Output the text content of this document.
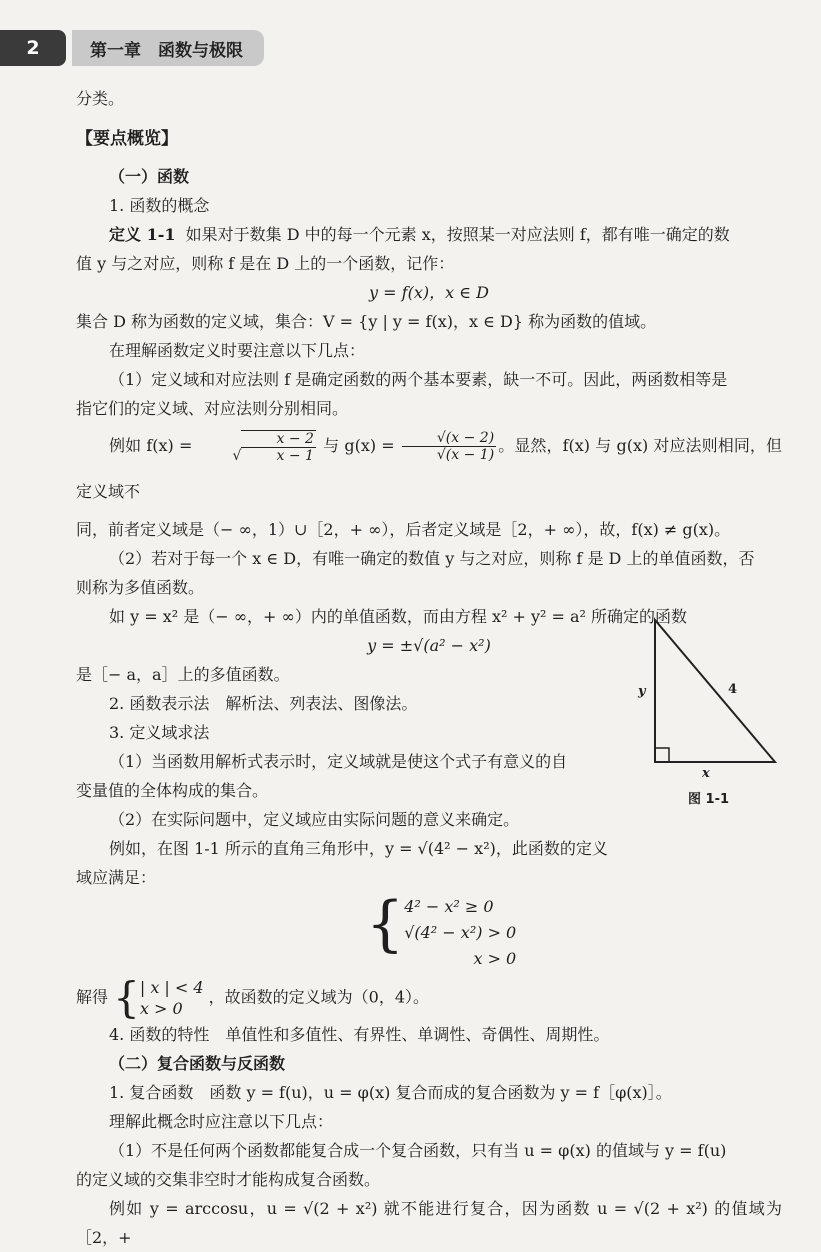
2	第一章　函数与极限

分类。

【要点概览】

（一）函数

1. 函数的概念

定义 1-1 如果对于数集 D 中的每一个元素 x，按照某一对应法则 f，都有唯一确定的数

值 y 与之对应，则称 f 是在 D 上的一个函数，记作：

y = f(x)，x ∈ D

集合 D 称为函数的定义域，集合：V = {y | y = f(x)，x ∈ D} 称为函数的值域。

在理解函数定义时要注意以下几点：

（1）定义域和对应法则 f 是确定函数的两个基本要素，缺一不可。因此，两函数相等是

指它们的定义域、对应法则分别相同。

例如 f(x) = √ $\frac{x - 2}{x - 1}$ 与 $g(x) = \frac{√(x - 2)}{√(x - 1)}$ 。显然，f(x) 与 g(x) 对应法则相同，但定义域不

同，前者定义域是（− ∞，1）∪［2，+ ∞），后者定义域是［2，+ ∞），故，f(x) ≠ g(x)。

（2）若对于每一个 x ∈ D，有唯一确定的数值 y 与之对应，则称 f 是 D 上的单值函数，否

则称为多值函数。

如 y = x² 是（− ∞，+ ∞）内的单值函数，而由方程 x² + y² = a² 所确定的函数

y = ±√(a² − x²)

是［− a，a］上的多值函数。

2. 函数表示法　解析法、列表法、图像法。

3. 定义域求法

（1）当函数用解析式表示时，定义域就是使这个式子有意义的自

变量值的全体构成的集合。

（2）在实际问题中，定义域应由实际问题的意义来确定。

例如，在图 1-1 所示的直角三角形中，y = √(4² − x²)，此函数的定义

域应满足：

{ 4² − x² ≥ 0
√(4² − x²) > 0
x > 0

解得 { | x | < 4
x > 0
，故函数的定义域为（0，4）。

4. 函数的特性　单值性和多值性、有界性、单调性、奇偶性、周期性。

（二）复合函数与反函数

1. 复合函数　函数 y = f(u)，u = φ(x) 复合而成的复合函数为 y = f［φ(x)］。

理解此概念时应注意以下几点：

（1）不是任何两个函数都能复合成一个复合函数，只有当 u = φ(x) 的值域与 y = f(u)

的定义域的交集非空时才能构成复合函数。

例如 y = arccosu，u = √(2 + x²) 就不能进行复合，因为函数 u = √(2 + x²) 的值域为［2，+

y	4
x
图 1-1
